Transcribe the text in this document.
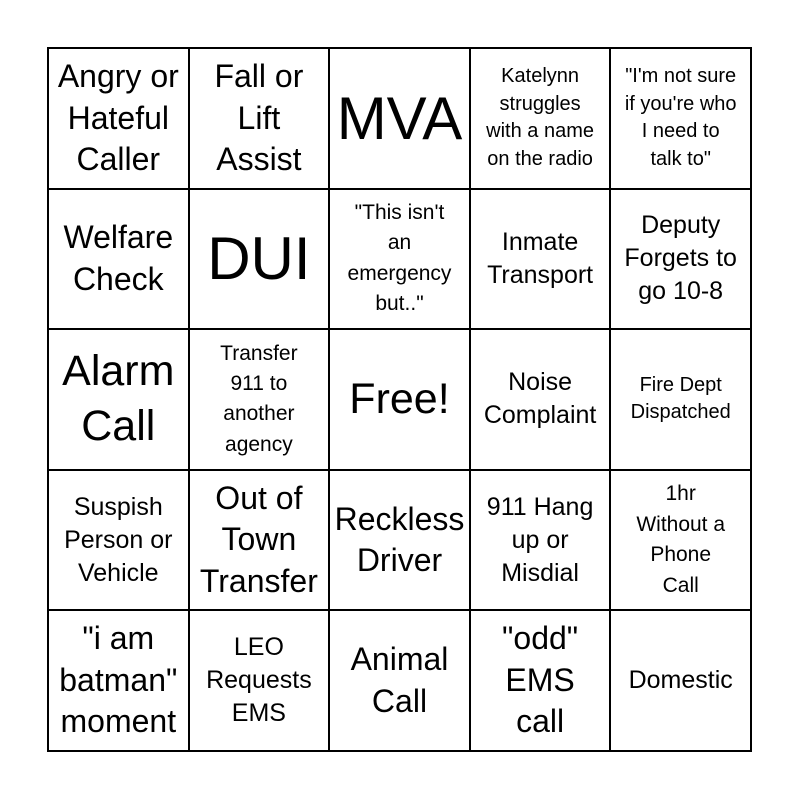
Angry or
Hateful
Caller
Fall or
Lift
Assist
MVA
Katelynn
struggles
with a name
on the radio
"I'm not sure
if you're who
I need to
talk to"
Welfare
Check DUI
"This isn't
an
emergency
but.."
Inmate
Transport
Deputy
Forgets to
go 10-8
Alarm
Call
Transfer
911 to
another
agency
Free!	Noise
Complaint
Fire Dept
Dispatched
Suspish
Person or
Vehicle
Out of
Town
Transfer
Reckless
Driver
911 Hang
up or
Misdial
1hr
Without a
Phone
Call
"i am
batman"
moment
LEO
Requests
EMS
Animal
Call
"odd"
EMS
call
Domestic
